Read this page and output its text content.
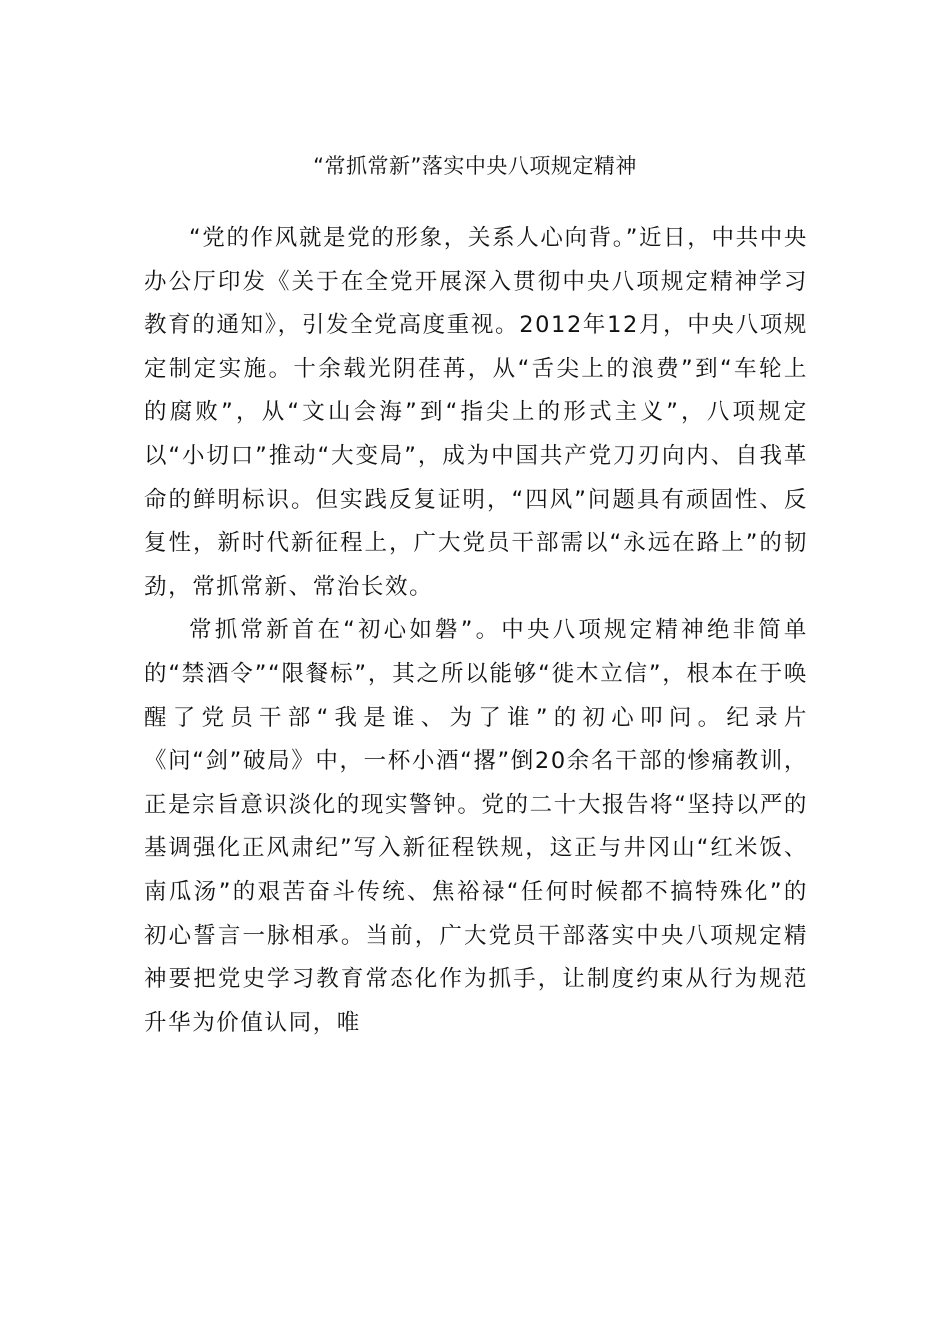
“常抓常新”落实中央八项规定精神

“党的作风就是党的形象，关系人心向背。”近日，中共中央办公厅印发《关于在全党开展深入贯彻中央八项规定精神学习教育的通知》，引发全党高度重视。2012年12月，中央八项规定制定实施。十余载光阴荏苒，从“舌尖上的浪费”到“车轮上的腐败”，从“文山会海”到“指尖上的形式主义”，八项规定以“小切口”推动“大变局”，成为中国共产党刀刃向内、自我革命的鲜明标识。但实践反复证明，“四风”问题具有顽固性、反复性，新时代新征程上，广大党员干部需以“永远在路上”的韧劲，常抓常新、常治长效。

常抓常新首在“初心如磐”。中央八项规定精神绝非简单的“禁酒令”“限餐标”，其之所以能够“徙木立信”，根本在于唤醒了党员干部“我是谁、为了谁”的初心叩问。纪录片《问“剑”破局》中，一杯小酒“撂”倒20余名干部的惨痛教训，正是宗旨意识淡化的现实警钟。党的二十大报告将“坚持以严的基调强化正风肃纪”写入新征程铁规，这正与井冈山“红米饭、南瓜汤”的艰苦奋斗传统、焦裕禄“任何时候都不搞特殊化”的初心誓言一脉相承。当前，广大党员干部落实中央八项规定精神要把党史学习教育常态化作为抓手，让制度约束从行为规范升华为价值认同，唯
